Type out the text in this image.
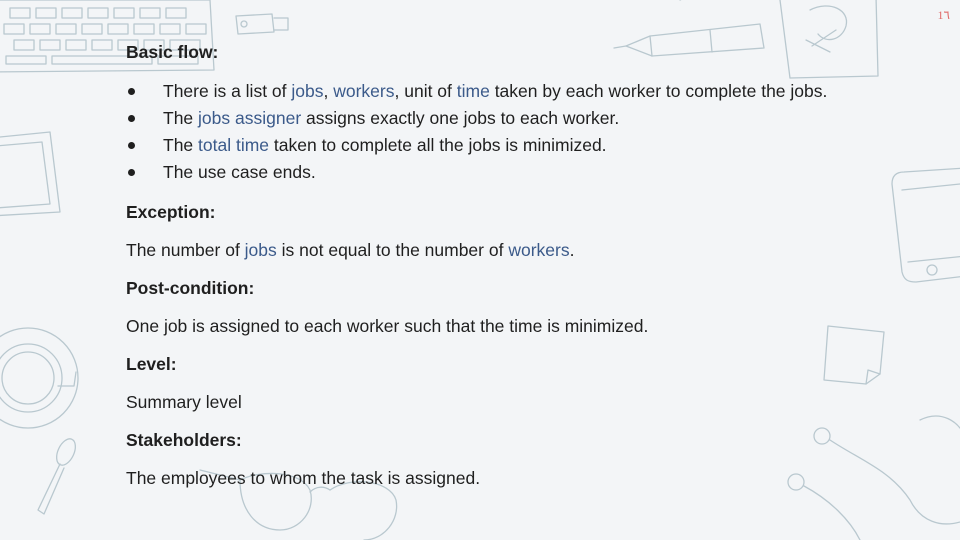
1٦
Basic flow:
There is a list of jobs, workers, unit of time taken by each worker to complete the jobs.
The jobs assigner assigns exactly one jobs to each worker.
The total time taken to complete all the jobs is minimized.
The use case ends.
Exception:
The number of jobs is not equal to the number of workers.
Post-condition:
One job is assigned to each worker such that the time is minimized.
Level:
Summary level
Stakeholders:
The employees to whom the task is assigned.
